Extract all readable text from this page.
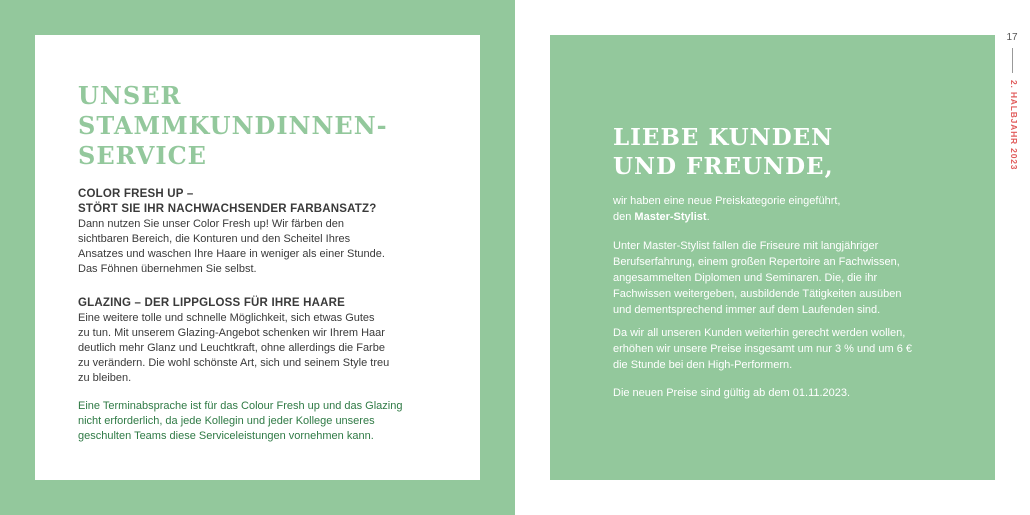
UNSER
STAMMKUNDINNEN-
SERVICE

COLOR FRESH UP –
STÖRT SIE IHR NACHWACHSENDER FARBANSATZ?

Dann nutzen Sie unser Color Fresh up! Wir färben den
sichtbaren Bereich, die Konturen und den Scheitel Ihres
Ansatzes und waschen Ihre Haare in weniger als einer Stunde.
Das Föhnen übernehmen Sie selbst.

GLAZING – DER LIPPGLOSS FÜR IHRE HAARE

Eine weitere tolle und schnelle Möglichkeit, sich etwas Gutes
zu tun. Mit unserem Glazing-Angebot schenken wir Ihrem Haar
deutlich mehr Glanz und Leuchtkraft, ohne allerdings die Farbe
zu verändern. Die wohl schönste Art, sich und seinem Style treu
zu bleiben.

Eine Terminabsprache ist für das Colour Fresh up und das Glazing
nicht erforderlich, da jede Kollegin und jeder Kollege unseres
geschulten Teams diese Serviceleistungen vornehmen kann.

LIEBE KUNDEN
UND FREUNDE,

wir haben eine neue Preiskategorie eingeführt,
den Master-Stylist.

Unter Master-Stylist fallen die Friseure mit langjähriger
Berufserfahrung, einem großen Repertoire an Fachwissen,
angesammelten Diplomen und Seminaren. Die, die ihr
Fachwissen weitergeben, ausbildende Tätigkeiten ausüben
und dementsprechend immer auf dem Laufenden sind.

Da wir all unseren Kunden weiterhin gerecht werden wollen,
erhöhen wir unsere Preise insgesamt um nur 3 % und um 6 €
die Stunde bei den High-Performern.

Die neuen Preise sind gültig ab dem 01.11.2023.

17
2. HALBJAHR 2023
